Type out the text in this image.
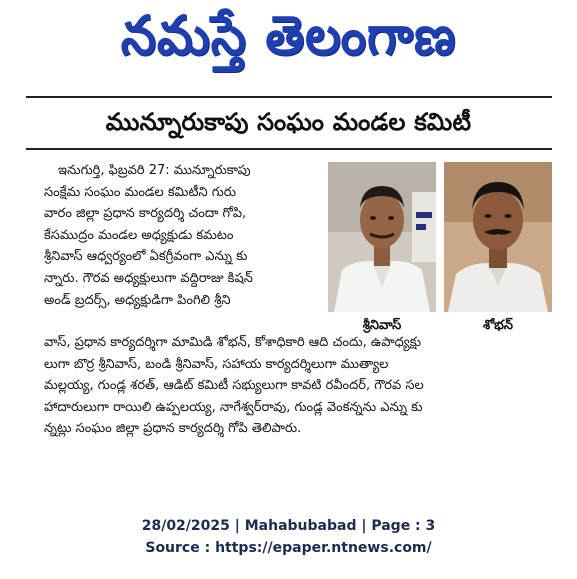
నమస్తే తెలంగాణ
మున్నూరుకాపు సంఘం మండల కమిటీ
ఇనుగుర్తి, ఫిబ్రవరి 27: మున్నూరుకాపు
సంక్షేమ సంఘం మండల కమిటీని గురు
వారం జిల్లా ప్రధాన కార్యదర్శి చందా గోపి,
కేసముద్రం మండల అధ్యక్షుడు కమటం
శ్రీనివాస్ ఆధ్వర్యంలో ఏకగ్రీవంగా ఎన్ను కు
న్నారు. గౌరవ అధ్యక్షులుగా వద్దిరాజు కిషన్
అండ్ బ్రదర్స్, అధ్యక్షుడిగా పింగిలి శ్రీని
వాస్, ప్రధాన కార్యదర్శిగా మామిడి శోభన్, కోశాధికారి ఆది చందు, ఉపాధ్యక్షు
లుగా బొర్ర శ్రీనివాస్, బండి శ్రీనివాస్, సహాయ కార్యదర్శిలుగా ముత్యాల
మల్లయ్య, గుండ్ల శరత్, ఆడిట్ కమిటీ సభ్యులుగా కావటి రవీందర్, గౌరవ సల
హాదారులుగా రాయిలి ఉప్పలయ్య, నాగేశ్వర్‌రావు, గుండ్ల వెంకన్నను ఎన్ను కు
న్నట్లు సంఘం జిల్లా ప్రధాన కార్యదర్శి గోపి తెలిపారు.
శ్రీనివాస్	శోభన్
28/02/2025 | Mahabubabad | Page : 3
Source : https://epaper.ntnews.com/
